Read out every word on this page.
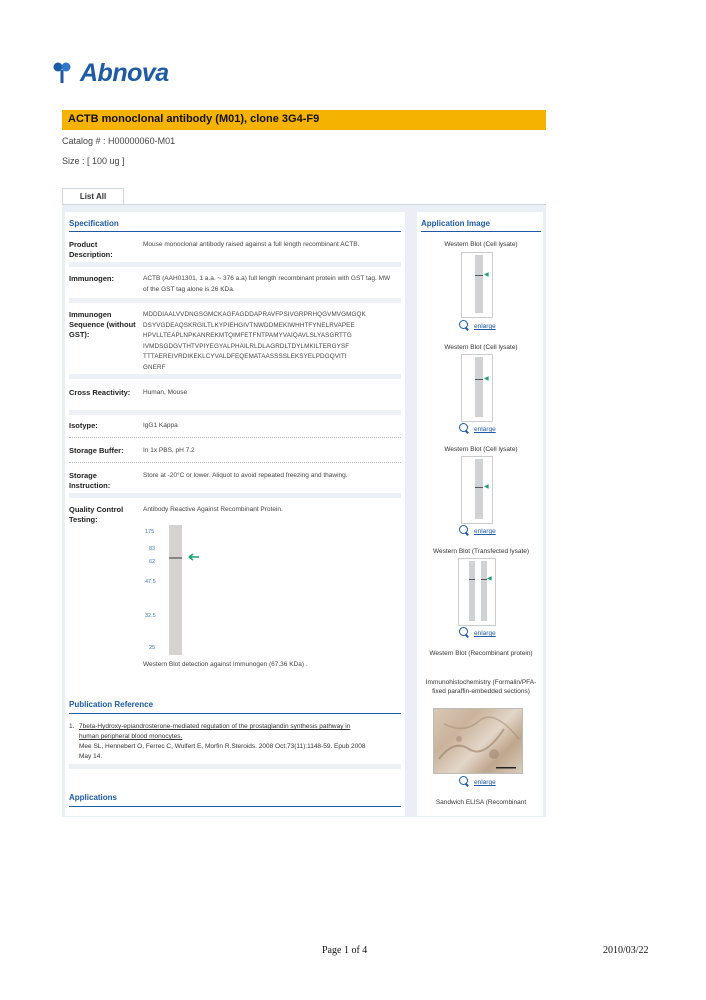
Abnova
ACTB monoclonal antibody (M01), clone 3G4-F9
Catalog # : H00000060-M01
Size : [ 100 ug ]
List All
Specification
Product Description:
Mouse monoclonal antibody raised against a full length recombinant ACTB.
Immunogen:	ACTB (AAH01301, 1 a.a. ~ 376 a.a) full length recombinant protein with GST tag. MW of the GST tag alone is 26 KDa.
Immunogen Sequence (without GST):
MDDDIAALVVDNGSGMCKAGFAGDDAPRAVFPSIVGRPRHQGVMVGMGQK
DSYVGDEAQSKRGILTLKYPIEHGIVTNWDDMEKIWHHTFYNELRVAPEE
HPVLLTEAPLNPKANREKMTQIMFETFNTPAMYVAIQAVLSLYASGRTTG
IVMDSGDGVTHTVPIYEGYALPHAILRLDLAGRDLTDYLMKILTERGYSF
TTTAEREIVRDIKEKLCYVALDFEQEMATAASSSSLEKSYELPDGQVITI
GNERF
Cross Reactivity:	Human, Mouse
Isotype:	IgG1 Kappa
Storage Buffer:	In 1x PBS, pH 7.2
Storage Instruction:
Store at -20°C or lower. Aliquot to avoid repeated freezing and thawing.
Quality Control Testing:
Antibody Reactive Against Recombinant Protein.
175
83
62
47.5
32.5
25
Western Blot detection against Immunogen (67.36 KDa) .
Publication Reference
1. 7beta-Hydroxy-epiandrosterone-mediated regulation of the prostaglandin synthesis pathway in
human peripheral blood monocytes.
Mee SL, Hennebert O, Ferrec C, Wulfert E, Morfin R.Steroids. 2008 Oct;73(11):1148-59. Epub 2008
May 14.
Applications
Application Image
Western Blot (Cell lysate)
◀
enlarge
Western Blot (Cell lysate)
◀
enlarge
Western Blot (Cell lysate)
◀
enlarge
Western Blot (Transfected lysate)
◀
enlarge
Western Blot (Recombinant protein)
Immunohistochemistry (Formalin/PFA-fixed paraffin-embedded sections)
enlarge
Sandwich ELISA (Recombinant
Page 1 of 4	2010/03/22
